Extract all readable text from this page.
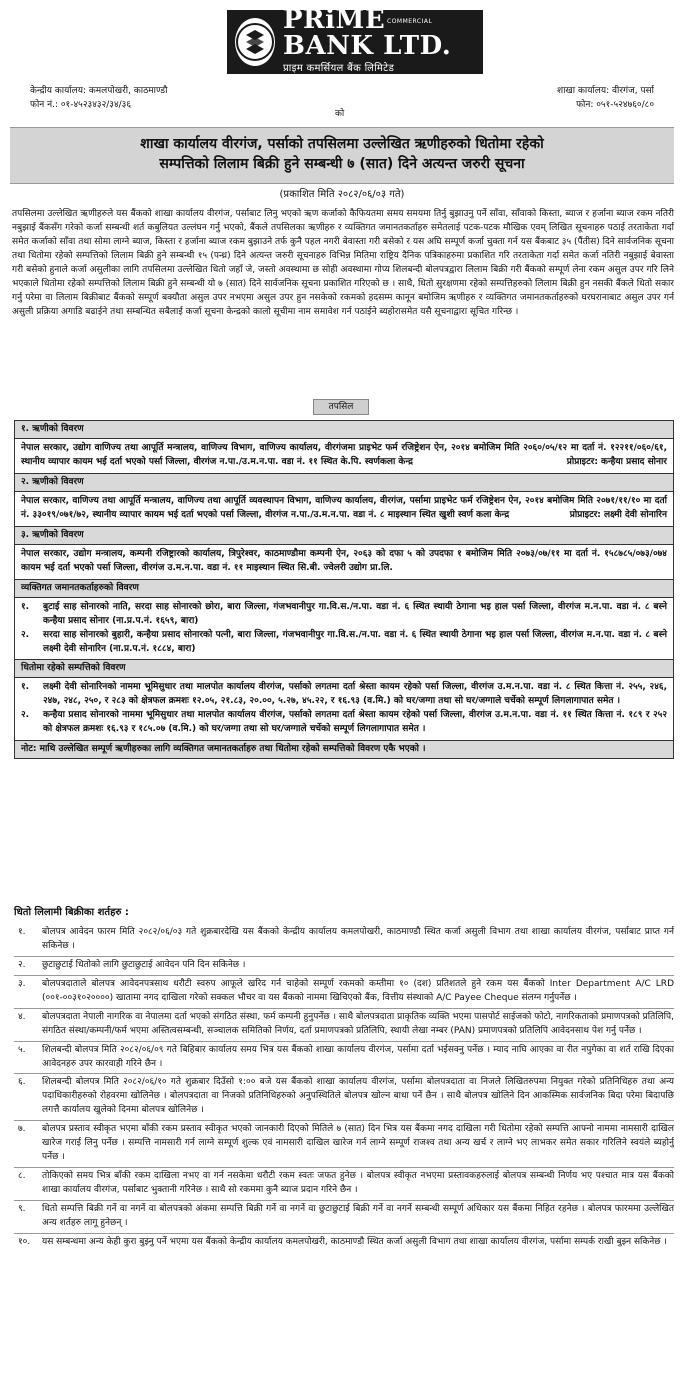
PRiME BANK LTD.
प्राइम कमर्सियल बैंक लिमिटेड
COMMERCIAL
केन्द्रीय कार्यालय: कमलपोखरी, काठमाण्डौ
फोन नं.: ०१-४५२३४३२/३४/३६
को
शाखा कार्यालय: वीरगंज, पर्सा
फोन: ०५१-५२४७६०/८०
शाखा कार्यालय वीरगंज, पर्साको तपसिलमा उल्लेखित ऋणीहरुको धितोमा रहेको
सम्पत्तिको लिलाम बिक्री हुने सम्बन्धी ७ (सात) दिने अत्यन्त जरुरी सूचना
(प्रकाशित मिति २०८२/०६/०३ गते)
तपसिलमा उल्लेखित ऋणीहरुले यस बैंकको शाखा कार्यालय वीरगंज, पर्साबाट लिनु भएको ऋण कर्जाको कैफियतमा समय समयमा तिर्नु बुझाउनु पर्ने साँवा, साँवाको किस्ता, ब्याज र हर्जाना ब्याज रकम नतिरी नबुझाई बैंकसँग गरेको कर्जा सम्बन्धी शर्त कबुलियत उल्लंघन गर्नु भएको, बैंकले तपसिलका ऋणीहरु र व्यक्तिगत जमानतकर्ताहरु समेतलाई पटक-पटक मौखिक एवम् लिखित सूचनाहरु पठाई तरताकेता गर्दा समेत कर्जाको साँवा तथा सोमा लाग्ने ब्याज, किस्ता र हर्जाना ब्याज रकम बुझाउने तर्फ कुनै पहल नगरी बेवास्ता गरी बसेको र यस अघि सम्पूर्ण कर्जा चुक्ता गर्न यस बैंकबाट ३५ (पैंतीस) दिने सार्वजनिक सूचना तथा धितोमा रहेको सम्पत्तिको लिलाम बिक्री हुने सम्बन्धी १५ (पन्ध्र) दिने अत्यन्त जरुरी सूचनाहरु विभिन्न मितिमा राष्ट्रिय दैनिक पत्रिकाहरुमा प्रकाशित गरि तरताकेता गर्दा समेत कर्जा नतिरी नबुझाई बेवास्ता गरी बसेको हुनाले कर्जा असुलीका लागि तपसिलमा उल्लेखित धितो जहाँ जे, जस्तो अवस्थामा छ सोही अवस्थामा गोप्य शिलबन्दी बोलपत्रद्वारा लिलाम बिक्री गरी बैंकको सम्पूर्ण लेना रकम असुल उपर गरि लिने भएकाले धितोमा रहेको सम्पत्तिको लिलाम बिक्री हुने सम्बन्धी यो ७ (सात) दिने सार्वजनिक सूचना प्रकाशित गरिएको छ । साथै, धितो सुरक्षणमा रहेको सम्पत्तिहरुको लिलाम बिक्री हुन नसकी बैंकले धितो सकार गर्नु परेमा वा लिलाम बिक्रीबाट बैंकको सम्पूर्ण बक्यौता असुल उपर नभएमा असुल उपर हुन नसकेको रकमको हदसम्म कानून बमोजिम ऋणीहरु र व्यक्तिगत जमानतकर्ताहरुको घरघरानाबाट असुल उपर गर्न असुली प्रक्रिया अगाडि बढाईने तथा सम्बन्धित सबैलाई कर्जा सूचना केन्द्रको कालो सूचीमा नाम समावेश गर्न पठाईने ब्यहोरासमेत यसै सूचनाद्वारा सूचित गरिन्छ ।
तपसिल
१. ऋणीको विवरण
नेपाल सरकार, उद्योग वाणिज्य तथा आपूर्ति मन्त्रालय, वाणिज्य विभाग, वाणिज्य कार्यालय, वीरगंजमा प्राइभेट फर्म रजिष्ट्रेशन ऐन, २०१४ बमोजिम मिति २०६०/०५/१२ मा दर्ता नं. १२२११/०६०/६१, स्थानीय व्यापार कायम भई दर्ता भएको पर्सा जिल्ला, वीरगंज न.पा./उ.म.न.पा. वडा नं. ११ स्थित के.पि. स्वर्णकला केन्द्र	प्रोप्राइटर: कन्हैया प्रसाद सोनार
२. ऋणीको विवरण
नेपाल सरकार, वाणिज्य तथा आपूर्ति मन्त्रालय, वाणिज्य तथा आपूर्ति व्यवस्थापन विभाग, वाणिज्य कार्यालय, वीरगंज, पर्सामा प्राइभेट फर्म रजिष्ट्रेशन ऐन, २०१४ बमोजिम मिति २०७१/११/१० मा दर्ता नं. ३३०१९/०७१/७२, स्थानीय व्यापार कायम भई दर्ता भएको पर्सा जिल्ला, वीरगंज न.पा./उ.म.न.पा. वडा नं. ८ माइस्थान स्थित खुशी स्वर्ण कला केन्द्र	प्रोप्राइटर: लक्ष्मी देवी सोनारिन
३. ऋणीको विवरण
नेपाल सरकार, उद्योग मन्त्रालय, कम्पनी रजिष्ट्रारको कार्यालय, त्रिपुरेश्वर, काठमाण्डौमा कम्पनी ऐन, २०६३ को दफा ५ को उपदफा १ बमोजिम मिति २०७३/०७/११ मा दर्ता नं. १५८७८५/०७३/०७४ कायम भई दर्ता भएको पर्सा जिल्ला, वीरगंज उ.म.न.पा. वडा नं. ११ माइस्थान स्थित सि.बी. ज्वेलरी उद्योग प्रा.लि.
व्यक्तिगत जमानतकर्ताहरुको विवरण
१.	बुटाई साह सोनारको नाति, सरदा साह सोनारको छोरा, बारा जिल्ला, गंजभवानीपुर गा.वि.स./न.पा. वडा नं. ६ स्थित स्थायी ठेगाना भइ हाल पर्सा जिल्ला, वीरगंज म.न.पा. वडा नं. ८ बस्ने कन्हैया प्रसाद सोनार (ना.प्र.प.नं. १६५९, बारा)
२.	सरदा साह सोनारको बुहारी, कन्हैया प्रसाद सोनारको पत्नी, बारा जिल्ला, गंजभवानीपुर गा.वि.स./न.पा. वडा नं. ६ स्थित स्थायी ठेगाना भइ हाल पर्सा जिल्ला, वीरगंज म.न.पा. वडा नं. ८ बस्ने लक्ष्मी देवी सोनारिन (ना.प्र.प.नं. १८८४, बारा)
धितोमा रहेको सम्पत्तिको विवरण
१.	लक्ष्मी देवी सोनारिनको नाममा भूमिसुधार तथा मालपोत कार्यालय वीरगंज, पर्साको लगतमा दर्ता श्रेस्ता कायम रहेको पर्सा जिल्ला, वीरगंज उ.म.न.पा. वडा नं. ८ स्थित कित्ता नं. २५५, २४६, २४७, २४८, २५०, र २८३ को क्षेत्रफल क्रमशः १२.०५, २१.८३, २०.००, ५.२७, ४५.२२, र १६.९३ (व.मि.) को घर/जग्गा तथा सो घर/जग्गाले चर्चेको सम्पूर्ण लिगलागापात समेत ।
२.	कन्हैया प्रसाद सोनारको नाममा भूमिसुधार तथा मालपोत कार्यालय वीरगंज, पर्साको लगतमा दर्ता श्रेस्ता कायम रहेको पर्सा जिल्ला, वीरगंज उ.म.न.पा. वडा नं. ११ स्थित कित्ता नं. १८९ र २५२ को क्षेत्रफल क्रमशः १६.९३ र १८५.०७ (व.मि.) को घर/जग्गा तथा सो घर/जग्गाले चर्चेको सम्पूर्ण लिगलागापात समेत ।
नोट: माथि उल्लेखित सम्पूर्ण ऋणीहरुका लागि व्यक्तिगत जमानतकर्ताहरु तथा धितोमा रहेको सम्पत्तिको विवरण एकै भएको ।
धितो लिलामी बिक्रीका शर्तहरु :
१.	बोलपत्र आवेदन फारम मिति २०८२/०६/०३ गते शुक्रबारदेखि यस बैंकको केन्द्रीय कार्यालय कमलपोखरी, काठमाण्डौ स्थित कर्जा असुली विभाग तथा शाखा कार्यालय वीरगंज, पर्साबाट प्राप्त गर्न सकिनेछ ।
२.	छुटाछुटाई धितोको लागि छुटाछुटाई आवेदन पनि दिन सकिनेछ ।
३.	बोलपत्रदाताले बोलपत्र आवेदनपत्रसाथ धरौटी स्वरुप आफूले खरिद गर्न चाहेको सम्पूर्ण रकमको कम्तीमा १० (दश) प्रतिशतले हुने रकम यस बैंकको Inter Department A/C LRD (००१-००३१०२००००) खातामा नगद दाखिला गरेको सक्कल भौचर वा यस बैंकको नाममा खिचिएको बैंक, वित्तीय संस्थाको A/C Payee Cheque संलग्न गर्नुपर्नेछ ।
४.	बोलपत्रदाता नेपाली नागरिक वा नेपालमा दर्ता भएको संगठित संस्था, फर्म कम्पनी हुनुपर्नेछ । साथै बोलपत्रदाता प्राकृतिक व्यक्ति भएमा पासपोर्ट साईजको फोटो, नागरिकताको प्रमाणपत्रको प्रतिलिपि, संगठित संस्था/कम्पनी/फर्म भएमा अस्तित्वसम्बन्धी, सञ्चालक समितिको निर्णय, दर्ता प्रमाणपत्रको प्रतिलिपि, स्थायी लेखा नम्बर (PAN) प्रमाणपत्रको प्रतिलिपि आवेदनसाथ पेश गर्नु पर्नेछ ।
५.	शिलबन्दी बोलपत्र मिति २०८२/०६/०९ गते बिहिबार कार्यालय समय भित्र यस बैंकको शाखा कार्यालय वीरगंज, पर्सामा दर्ता भईसक्नु पर्नेछ । म्याद नाघि आएका वा रीत नपुगेका वा शर्त राखि दिएका आवेदनहरु उपर कारवाही गरिने छैन ।
६.	शिलबन्दी बोलपत्र मिति २०८२/०६/१० गते शुक्रबार दिउँसो १:०० बजे यस बैंकको शाखा कार्यालय वीरगंज, पर्सामा बोलपत्रदाता वा निजले लिखितरुपमा नियुक्त गरेको प्रतिनिधिहरु तथा अन्य पदाधिकारीहरुको रोहवरमा खोलिनेछ । बोलपत्रदाता वा निजको प्रतिनिधिहरुको अनुपस्थितिले बोलपत्र खोल्न बाधा पर्ने छैन । साथै बोलपत्र खोलिने दिन आकस्मिक सार्वजनिक बिदा परेमा बिदापछि लगत्तै कार्यालय खुलेको दिनमा बोलपत्र खोलिनेछ ।
७.	बोलपत्र प्रस्ताव स्वीकृत भएमा बाँकी रकम प्रस्ताव स्वीकृत भएको जानकारी दिएको मितिले ७ (सात) दिन भित्र यस बैंकमा नगद दाखिला गरी धितोमा रहेको सम्पत्ति आफ्नो नाममा नामसारी दाखिल खारेज गराई लिनु पर्नेछ । सम्पत्ति नामसारी गर्न लाग्ने सम्पूर्ण शुल्क एवं नामसारी दाखिल खारेज गर्न लाग्ने सम्पूर्ण राजश्व तथा अन्य खर्च र लाग्ने भए लाभकर समेत सकार गरिलिने स्वयंले ब्यहोर्नु पर्नेछ ।
८.	तोकिएको समय भित्र बाँकी रकम दाखिला नभए वा गर्न नसकेमा धरौटी रकम स्वतः जफत हुनेछ । बोलपत्र स्वीकृत नभएमा प्रस्तावकहरुलाई बोलपत्र सम्बन्धी निर्णय भए पश्चात मात्र यस बैंकको शाखा कार्यालय वीरगंज, पर्साबाट भुक्तानी गरिनेछ । साथै सो रकममा कुनै ब्याज प्रदान गरिने छैन ।
९.	धितो सम्पत्ति बिक्री गर्ने वा नगर्ने वा बोलपत्रको अंकमा सम्पत्ति बिक्री गर्ने वा नगर्ने वा छुटाछुटाई बिक्री गर्ने वा नगर्ने सम्बन्धी सम्पूर्ण अधिकार यस बैंकमा निहित रहनेछ । बोलपत्र फारममा उल्लेखित अन्य शर्तहरु लागू हुनेछन् ।
१०.	यस सम्बन्धमा अन्य केही कुरा बुझ्नु पर्ने भएमा यस बैंकको केन्द्रीय कार्यालय कमलपोखरी, काठमाण्डौ स्थित कर्जा असुली विभाग तथा शाखा कार्यालय वीरगंज, पर्सामा सम्पर्क राखी बुझ्न सकिनेछ ।
